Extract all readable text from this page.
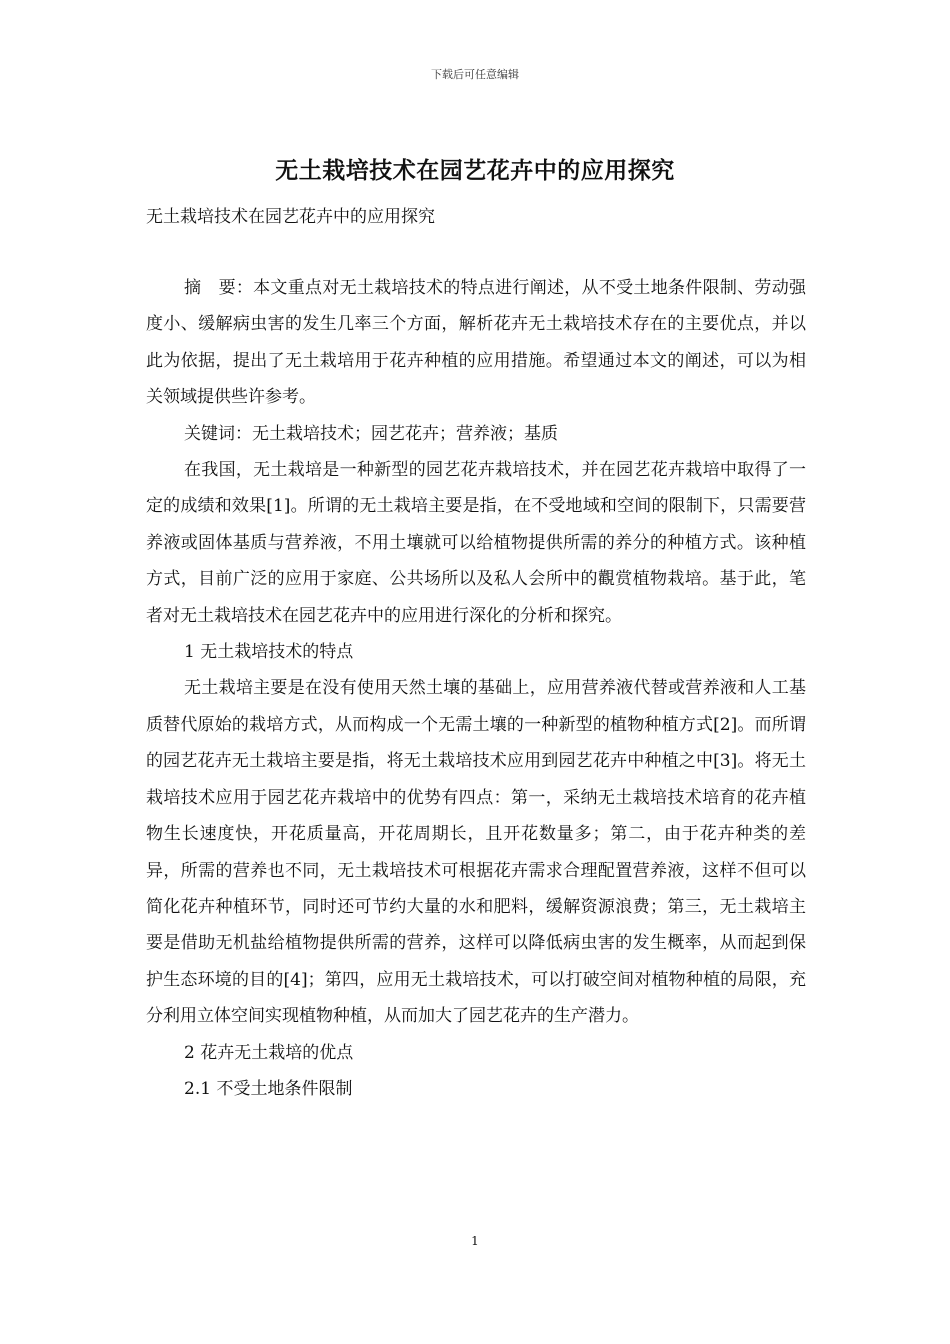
下载后可任意编辑
无土栽培技术在园艺花卉中的应用探究
无土栽培技术在园艺花卉中的应用探究

摘　要：本文重点对无土栽培技术的特点进行阐述，从不受土地条件限制、劳动强度小、缓解病虫害的发生几率三个方面，解析花卉无土栽培技术存在的主要优点，并以此为依据，提出了无土栽培用于花卉种植的应用措施。希望通过本文的阐述，可以为相关领域提供些许参考。

关键词：无土栽培技术；园艺花卉；营养液；基质

在我国，无土栽培是一种新型的园艺花卉栽培技术，并在园艺花卉栽培中取得了一定的成绩和效果[1]。所谓的无土栽培主要是指，在不受地域和空间的限制下，只需要营养液或固体基质与营养液，不用土壤就可以给植物提供所需的养分的种植方式。该种植方式，目前广泛的应用于家庭、公共场所以及私人会所中的觀赏植物栽培。基于此，笔者对无土栽培技术在园艺花卉中的应用进行深化的分析和探究。

1 无土栽培技术的特点

无土栽培主要是在没有使用天然土壤的基础上，应用营养液代替或营养液和人工基质替代原始的栽培方式，从而构成一个无需土壤的一种新型的植物种植方式[2]。而所谓的园艺花卉无土栽培主要是指，将无土栽培技术应用到园艺花卉中种植之中[3]。将无土栽培技术应用于园艺花卉栽培中的优势有四点：第一，采纳无土栽培技术培育的花卉植物生长速度快，开花质量高，开花周期长，且开花数量多；第二，由于花卉种类的差异，所需的营养也不同，无土栽培技术可根据花卉需求合理配置营养液，这样不但可以简化花卉种植环节，同时还可节约大量的水和肥料，缓解资源浪费；第三，无土栽培主要是借助无机盐给植物提供所需的营养，这样可以降低病虫害的发生概率，从而起到保护生态环境的目的[4]；第四，应用无土栽培技术，可以打破空间对植物种植的局限，充分利用立体空间实现植物种植，从而加大了园艺花卉的生产潜力。

2 花卉无土栽培的优点

2.1 不受土地条件限制

1
